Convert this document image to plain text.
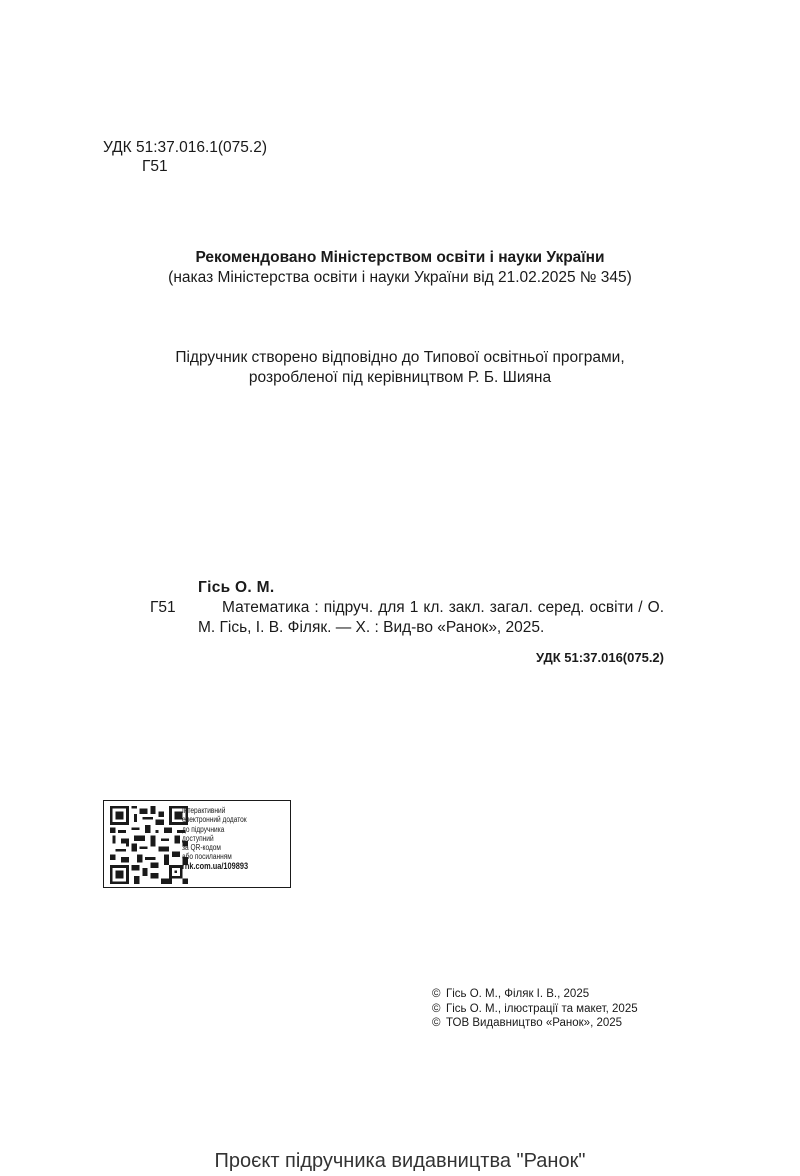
УДК 51:37.016.1(075.2)
Г51
Рекомендовано Міністерством освіти і науки України
(наказ Міністерства освіти і науки України від 21.02.2025 № 345)
Підручник створено відповідно до Типової освітньої програми,
розробленої під керівництвом Р. Б. Шияна
Гісь О. М.
Г51	Математика : підруч. для 1 кл. закл. загал. серед. освіти / О. М. Гісь, І. В. Філяк. — Х. : Вид-во «Ранок», 2025.
УДК 51:37.016(075.2)
Інтерактивний
електронний додаток
до підручника
доступний
за QR-кодом
або посиланням
rnk.com.ua/109893
© Гісь О. М., Філяк І. В., 2025
© Гісь О. М., ілюстрації та макет, 2025
© ТОВ Видавництво «Ранок», 2025
Проєкт підручника видавництва "Ранок"
